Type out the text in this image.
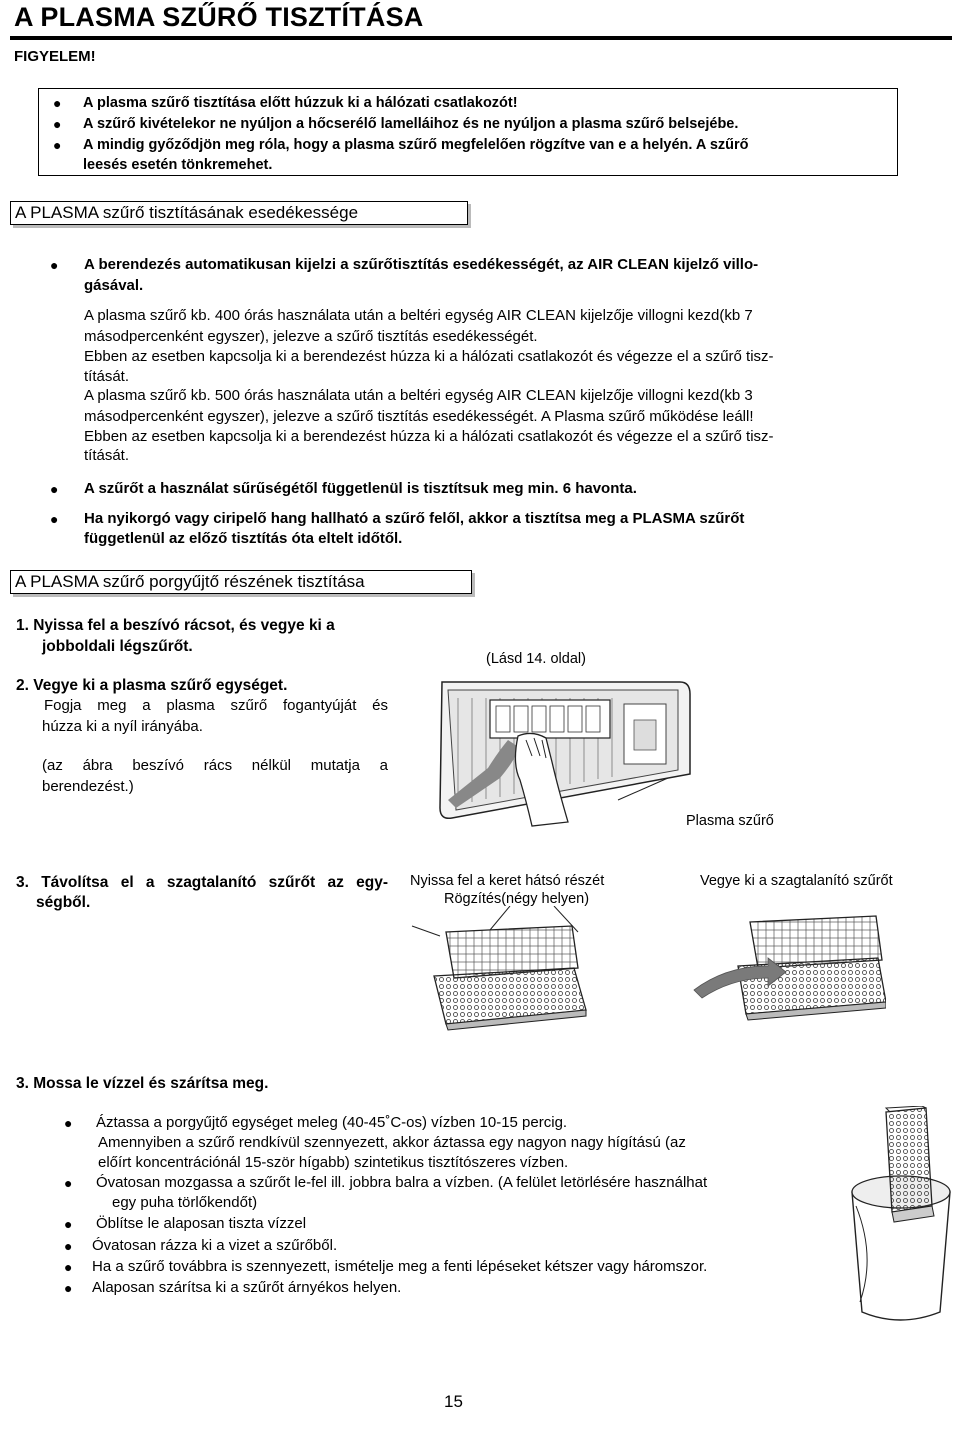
A PLASMA SZŰRŐ TISZTÍTÁSA
FIGYELEM!
● A plasma szűrő tisztítása előtt húzzuk ki a hálózati csatlakozót!
● A szűrő kivételekor ne nyúljon a hőcserélő lamelláihoz és ne nyúljon a plasma szűrő belsejébe.
● A mindig győződjön meg róla, hogy a plasma szűrő megfelelően rögzítve van e a helyén. A szűrő
leesés esetén tönkremehet.
A PLASMA szűrő tisztításának esedékessége
● A berendezés automatikusan kijelzi a szűrőtisztítás esedékességét, az AIR CLEAN kijelző villo-
gásával.
A plasma szűrő kb. 400 órás használata után a beltéri egység AIR CLEAN kijelzője villogni kezd(kb 7
másodpercenként egyszer), jelezve a szűrő tisztítás esedékességét.
Ebben az esetben kapcsolja ki a berendezést húzza ki a hálózati csatlakozót és végezze el a szűrő tisz-
títását.
A plasma szűrő kb. 500 órás használata után a beltéri egység AIR CLEAN kijelzője villogni kezd(kb 3
másodpercenként egyszer), jelezve a szűrő tisztítás esedékességét. A Plasma szűrő működése leáll!
Ebben az esetben kapcsolja ki a berendezést húzza ki a hálózati csatlakozót és végezze el a szűrő tisz-
títását.
● A szűrőt a használat sűrűségétől függetlenül is tisztítsuk meg min. 6 havonta.
● Ha nyikorgó vagy ciripelő hang hallható a szűrő felől, akkor a tisztítsa meg a PLASMA szűrőt
függetlenül az előző tisztítás óta eltelt időtől.
A PLASMA szűrő porgyűjtő részének tisztítása
1. Nyissa fel a beszívó rácsot, és vegye ki a
jobboldali légszűrőt.
(Lásd 14. oldal)
2. Vegye ki a plasma szűrő egységet.
Fogja meg a plasma szűrő fogantyúját és
húzza ki a nyíl irányába.
(az ábra beszívó rács nélkül mutatja a
berendezést.)
Plasma szűrő
3. Távolítsa el a szagtalanító szűrőt az egy-
ségből.
Nyissa fel a keret hátsó részét
Rögzítés(négy helyen)
Vegye ki a szagtalanító szűrőt
3. Mossa le vízzel és szárítsa meg.
● Áztassa a porgyűjtő egységet meleg (40-45˚C-os) vízben 10-15 percig.
Amennyiben a szűrő rendkívül szennyezett, akkor áztassa egy nagyon nagy hígítású (az
előírt koncentrációnál 15-ször hígabb) szintetikus tisztítószeres vízben.
● Óvatosan mozgassa a szűrőt le-fel ill. jobbra balra a vízben. (A felület letörlésére használhat
egy puha törlőkendőt)
● Öblítse le alaposan tiszta vízzel
● Óvatosan rázza ki a vizet a szűrőből.
● Ha a szűrő továbbra is szennyezett, ismételje meg a fenti lépéseket kétszer vagy háromszor.
● Alaposan szárítsa ki a szűrőt árnyékos helyen.
15
